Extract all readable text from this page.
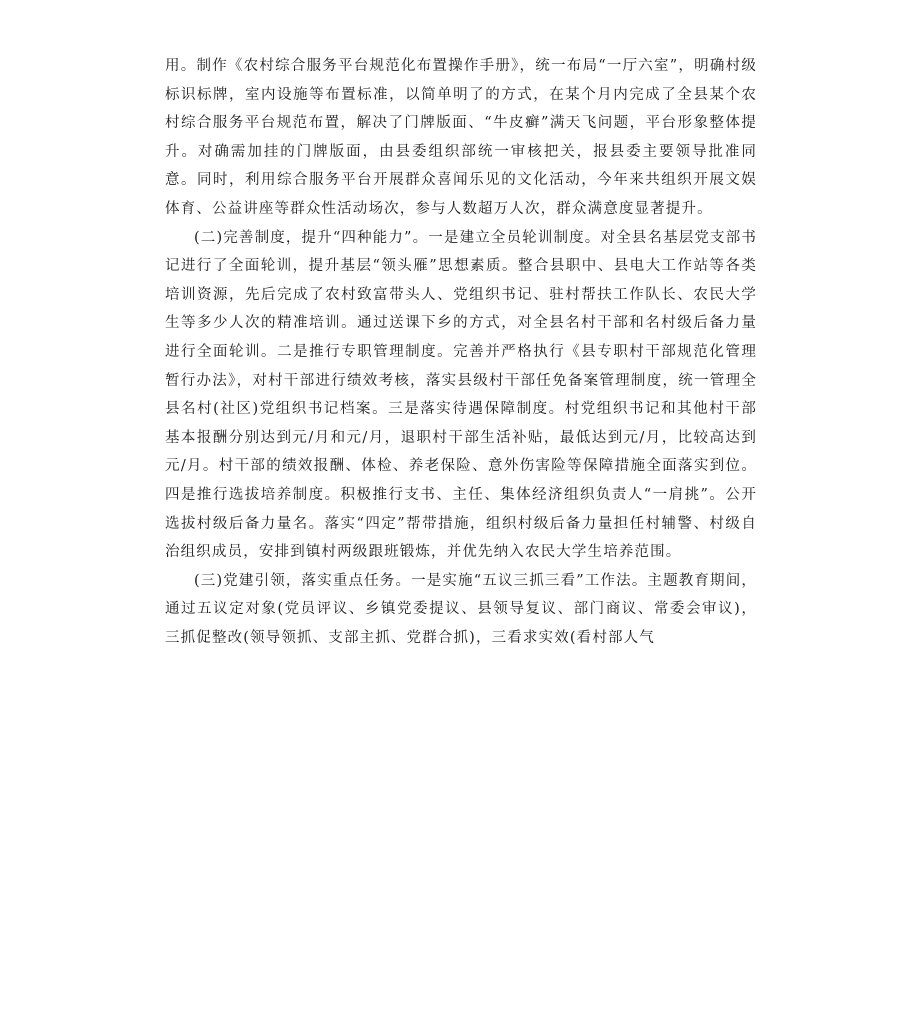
用。制作《农村综合服务平台规范化布置操作手册》，统一布局“一厅六室”，明确村级标识标牌，室内设施等布置标准，以简单明了的方式，在某个月内完成了全县某个农村综合服务平台规范布置，解决了门牌版面、“牛皮癣”满天飞问题，平台形象整体提升。对确需加挂的门牌版面，由县委组织部统一审核把关，报县委主要领导批准同意。同时，利用综合服务平台开展群众喜闻乐见的文化活动，今年来共组织开展文娱体育、公益讲座等群众性活动场次，参与人数超万人次，群众满意度显著提升。

(二)完善制度，提升“四种能力”。一是建立全员轮训制度。对全县名基层党支部书记进行了全面轮训，提升基层“领头雁”思想素质。整合县职中、县电大工作站等各类培训资源，先后完成了农村致富带头人、党组织书记、驻村帮扶工作队长、农民大学生等多少人次的精准培训。通过送课下乡的方式，对全县名村干部和名村级后备力量进行全面轮训。二是推行专职管理制度。完善并严格执行《县专职村干部规范化管理暂行办法》，对村干部进行绩效考核，落实县级村干部任免备案管理制度，统一管理全县名村(社区)党组织书记档案。三是落实待遇保障制度。村党组织书记和其他村干部基本报酬分别达到元/月和元/月，退职村干部生活补贴，最低达到元/月，比较高达到元/月。村干部的绩效报酬、体检、养老保险、意外伤害险等保障措施全面落实到位。四是推行选拔培养制度。积极推行支书、主任、集体经济组织负责人“一肩挑”。公开选拔村级后备力量名。落实“四定”帮带措施，组织村级后备力量担任村辅警、村级自治组织成员，安排到镇村两级跟班锻炼，并优先纳入农民大学生培养范围。

(三)党建引领，落实重点任务。一是实施“五议三抓三看”工作法。主题教育期间，通过五议定对象(党员评议、乡镇党委提议、县领导复议、部门商议、常委会审议)，三抓促整改(领导领抓、支部主抓、党群合抓)，三看求实效(看村部人气
